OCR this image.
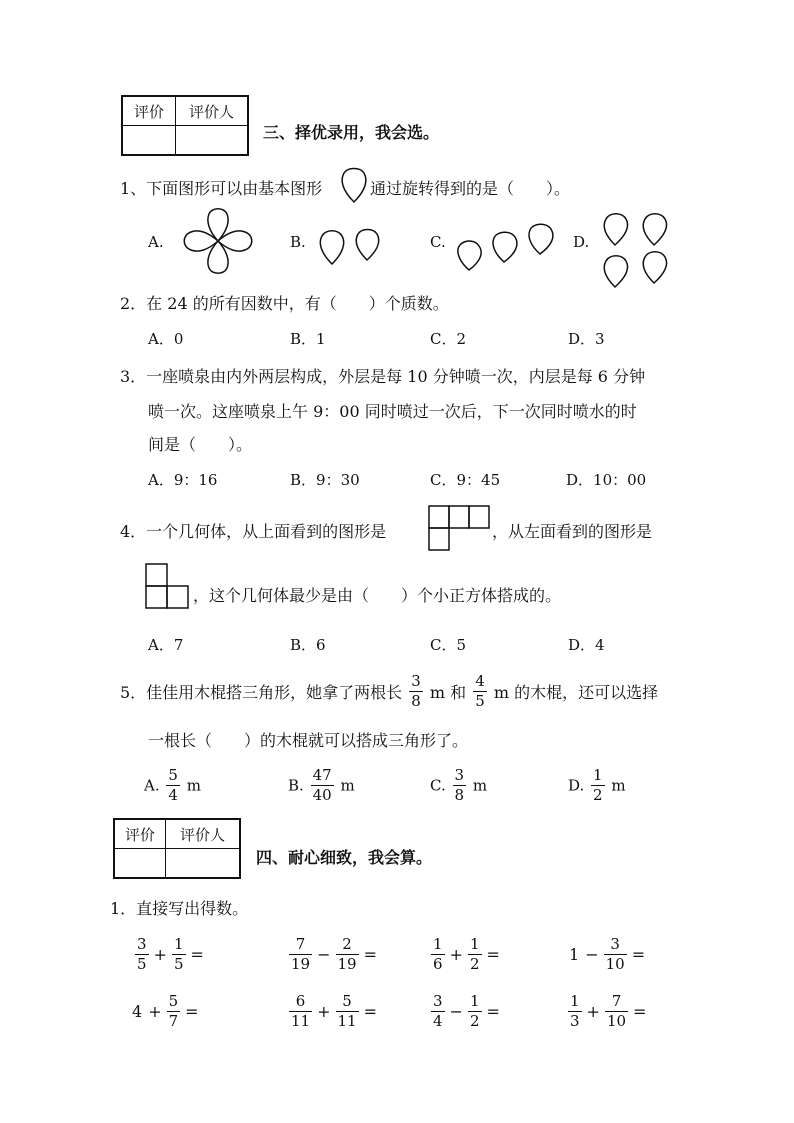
评价	评价人

三、择优录用，我会选。
1、下面图形可以由基本图形	通过旋转得到的是（　　）。
A.	B.	C.	D.
2．在 24 的所有因数中，有（　　）个质数。
A．0	B．1	C．2	D．3
3．一座喷泉由内外两层构成，外层是每 10 分钟喷一次，内层是每 6 分钟
喷一次。这座喷泉上午 9：00 同时喷过一次后，下一次同时喷水的时
间是（　　）。
A．9：16	B．9：30	C．9：45	D．10：00
4．一个几何体，从上面看到的图形是	，从左面看到的图形是
，这个几何体最少是由（　　）个小正方体搭成的。
A．7	B．6	C．5	D．4
5．佳佳用木棍搭三角形，她拿了两根长 $\frac{3}{8}$ m 和 $\frac{4}{5}$ m 的木棍，还可以选择
一根长（　　）的木棍就可以搭成三角形了。
A. $\frac{5}{4}$ m	B. $\frac{47}{40}$ m	C. $\frac{3}{8}$ m	D. $\frac{1}{2}$ m
评价	评价人

四、耐心细致，我会算。
1．直接写出得数。
$\frac{3}{5} + \frac{1}{5}$ =	$\frac{7}{19} - \frac{2}{19}$ =	$\frac{1}{6} + \frac{1}{2}$ =	$1 - \frac{3}{10}$ =
$4 + \frac{5}{7}$ =	$\frac{6}{11} + \frac{5}{11}$ =	$\frac{3}{4} - \frac{1}{2}$ =	$\frac{1}{3} + \frac{7}{10}$ =
